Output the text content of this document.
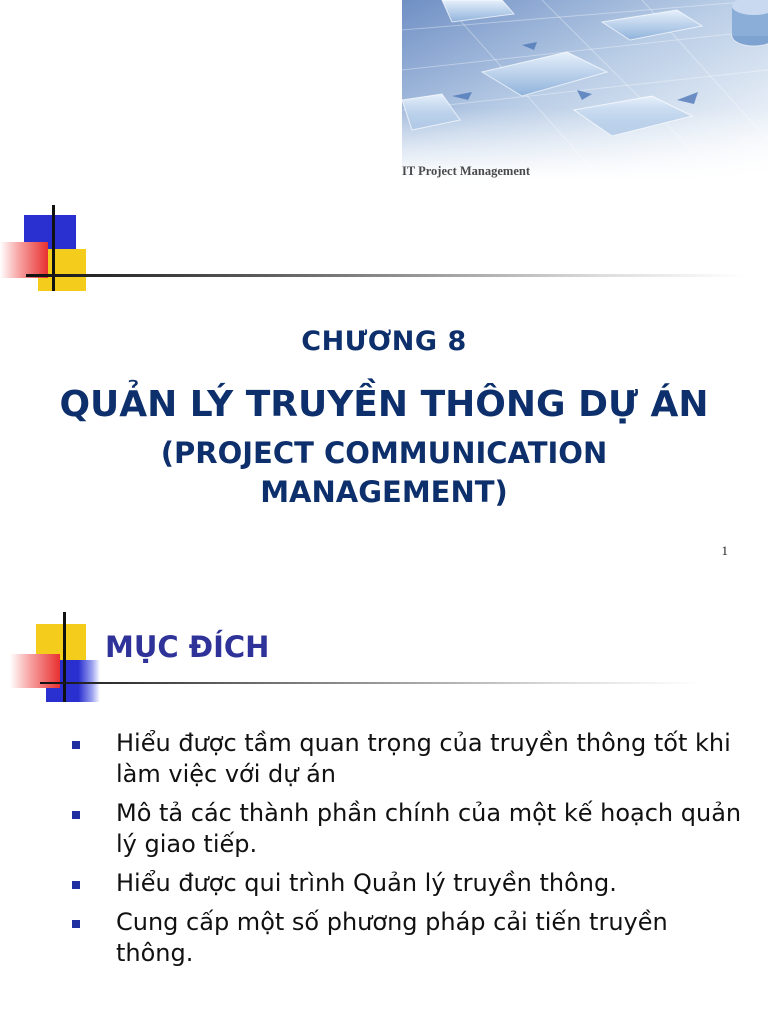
IT Project Management
CHƯƠNG 8
QUẢN LÝ TRUYỀN THÔNG DỰ ÁN
(PROJECT COMMUNICATION MANAGEMENT)
1
MỤC ĐÍCH
Hiểu được tầm quan trọng của truyền thông tốt khi làm việc với dự án
Mô tả các thành phần chính của một kế hoạch quản lý giao tiếp.
Hiểu được qui trình Quản lý truyền thông.
Cung cấp một số phương pháp cải tiến truyền thông.
